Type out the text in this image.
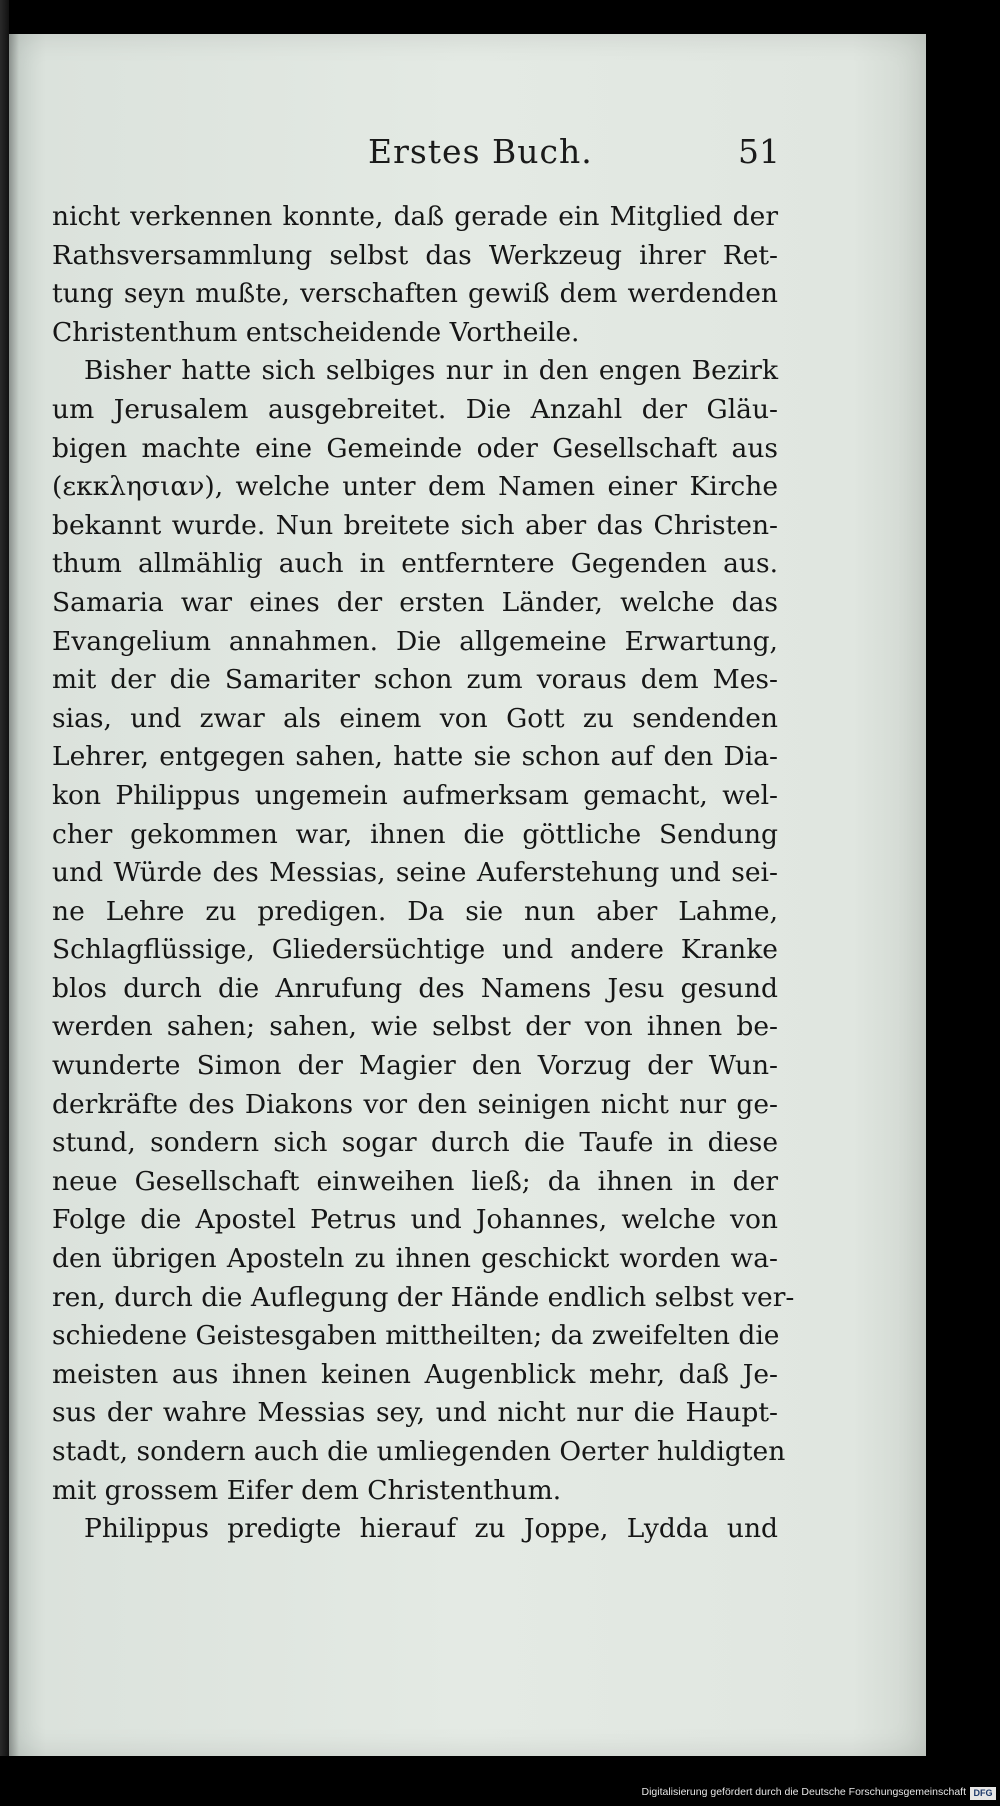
Erstes Buch.	51
nicht verkennen konnte, daß gerade ein Mitglied der
Rathsversammlung selbst das Werkzeug ihrer Ret-
tung seyn mußte, verschaften gewiß dem werdenden
Christenthum entscheidende Vortheile.
Bisher hatte sich selbiges nur in den engen Bezirk
um Jerusalem ausgebreitet. Die Anzahl der Gläu-
bigen machte eine Gemeinde oder Gesellschaft aus
(εκκλησιαν), welche unter dem Namen einer Kirche
bekannt wurde. Nun breitete sich aber das Christen-
thum allmählig auch in entferntere Gegenden aus.
Samaria war eines der ersten Länder, welche das
Evangelium annahmen. Die allgemeine Erwartung,
mit der die Samariter schon zum voraus dem Mes-
sias, und zwar als einem von Gott zu sendenden
Lehrer, entgegen sahen, hatte sie schon auf den Dia-
kon Philippus ungemein aufmerksam gemacht, wel-
cher gekommen war, ihnen die göttliche Sendung
und Würde des Messias, seine Auferstehung und sei-
ne Lehre zu predigen. Da sie nun aber Lahme,
Schlagflüssige, Gliedersüchtige und andere Kranke
blos durch die Anrufung des Namens Jesu gesund
werden sahen; sahen, wie selbst der von ihnen be-
wunderte Simon der Magier den Vorzug der Wun-
derkräfte des Diakons vor den seinigen nicht nur ge-
stund, sondern sich sogar durch die Taufe in diese
neue Gesellschaft einweihen ließ; da ihnen in der
Folge die Apostel Petrus und Johannes, welche von
den übrigen Aposteln zu ihnen geschickt worden wa-
ren, durch die Auflegung der Hände endlich selbst ver-
schiedene Geistesgaben mittheilten; da zweifelten die
meisten aus ihnen keinen Augenblick mehr, daß Je-
sus der wahre Messias sey, und nicht nur die Haupt-
stadt, sondern auch die umliegenden Oerter huldigten
mit grossem Eifer dem Christenthum.
Philippus predigte hierauf zu Joppe, Lydda und
Digitalisierung gefördert durch die Deutsche Forschungsgemeinschaft DFG
